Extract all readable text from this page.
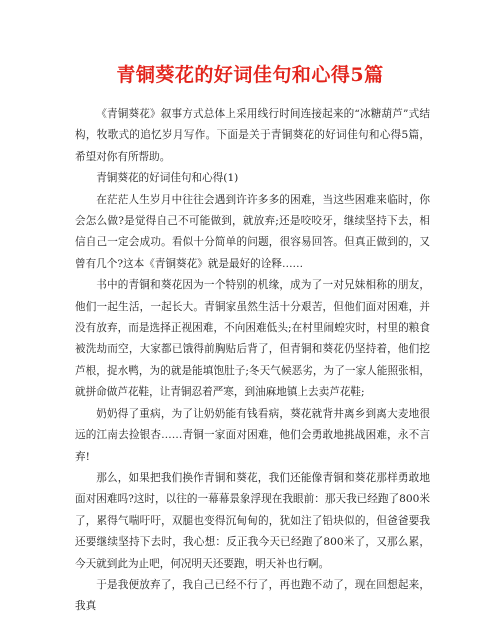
青铜葵花的好词佳句和心得5篇

《青铜葵花》叙事方式总体上采用线行时间连接起来的“冰糖葫芦”式结构，牧歌式的追忆岁月写作。下面是关于青铜葵花的好词佳句和心得5篇，希望对你有所帮助。

青铜葵花的好词佳句和心得(1)

在茫茫人生岁月中往往会遇到许许多多的困难，当这些困难来临时，你会怎么做?是觉得自己不可能做到，就放弃;还是咬咬牙，继续坚持下去，相信自己一定会成功。看似十分简单的问题，很容易回答。但真正做到的，又曾有几个?这本《青铜葵花》就是最好的诠释……

书中的青铜和葵花因为一个特别的机缘，成为了一对兄妹相称的朋友，他们一起生活，一起长大。青铜家虽然生活十分艰苦，但他们面对困难，并没有放弃，而是选择正视困难，不向困难低头;在村里闹蝗灾时，村里的粮食被洗劫而空，大家都已饿得前胸贴后背了，但青铜和葵花仍坚持着，他们挖芦根，捉水鸭，为的就是能填饱肚子;冬天气候恶劣，为了一家人能照张相，就拼命做芦花鞋，让青铜忍着严寒，到油麻地镇上去卖芦花鞋;

奶奶得了重病，为了让奶奶能有钱看病，葵花就背井离乡到离大麦地很远的江南去捡银杏……青铜一家面对困难，他们会勇敢地挑战困难，永不言弃!

那么，如果把我们换作青铜和葵花，我们还能像青铜和葵花那样勇敢地面对困难吗?这时，以往的一幕幕景象浮现在我眼前：那天我已经跑了800米了，累得气喘吁吁，双腿也变得沉甸甸的，犹如注了铅块似的，但爸爸要我还要继续坚持下去时，我心想：反正我今天已经跑了800米了，又那么累，今天就到此为止吧，何况明天还要跑，明天补也行啊。

于是我便放弃了，我自己已经不行了，再也跑不动了，现在回想起来，我真
